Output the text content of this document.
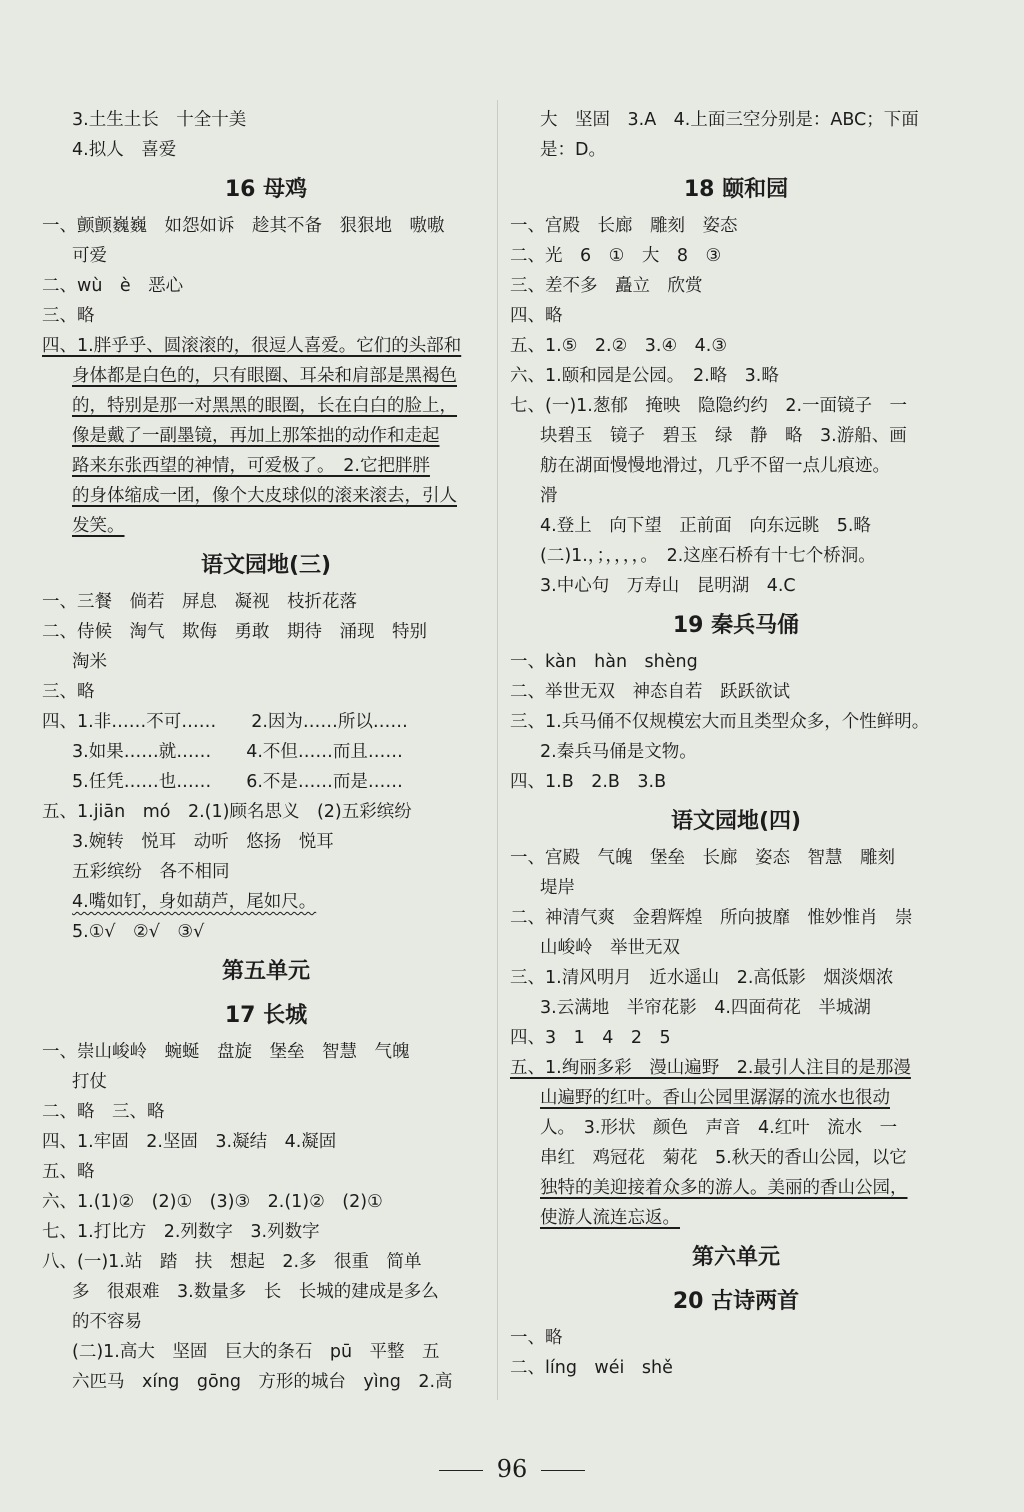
3.土生土长　十全十美
4.拟人　喜爱
16 母鸡
一、颤颤巍巍　如怨如诉　趁其不备　狠狠地　嗷嗷
可爱
二、wù　è　恶心
三、略
四、1.胖乎乎、圆滚滚的，很逗人喜爱。它们的头部和
身体都是白色的，只有眼圈、耳朵和肩部是黑褐色
的，特别是那一对黑黑的眼圈，长在白白的脸上，
像是戴了一副墨镜，再加上那笨拙的动作和走起
路来东张西望的神情，可爱极了。　2.它把胖胖
的身体缩成一团，像个大皮球似的滚来滚去，引人
发笑。
语文园地(三)
一、三餐　倘若　屏息　凝视　枝折花落
二、侍候　淘气　欺侮　勇敢　期待　涌现　特别
淘米
三、略
四、1.非……不可……　　2.因为……所以……
3.如果……就……　　4.不但……而且……
5.任凭……也……　　6.不是……而是……
五、1.jiān　mó　2.(1)顾名思义　(2)五彩缤纷
3.婉转　悦耳　动听　悠扬　悦耳
五彩缤纷　各不相同
4.嘴如钉，身如葫芦，尾如尺。
5.①√　②√　③√
第五单元
17 长城
一、崇山峻岭　蜿蜒　盘旋　堡垒　智慧　气魄
打仗
二、略　三、略
四、1.牢固　2.坚固　3.凝结　4.凝固
五、略
六、1.(1)②　(2)①　(3)③　2.(1)②　(2)①
七、1.打比方　2.列数字　3.列数字
八、(一)1.站　踏　扶　想起　2.多　很重　简单
多　很艰难　3.数量多　长　长城的建成是多么
的不容易
(二)1.高大　坚固　巨大的条石　pū　平整　五
六匹马　xíng　gōng　方形的城台　yìng　2.高
大　坚固　3.A　4.上面三空分别是：ABC；下面
是：D。
18 颐和园
一、宫殿　长廊　雕刻　姿态
二、光　6　①　大　8　③
三、差不多　矗立　欣赏
四、略
五、1.⑤　2.②　3.④　4.③
六、1.颐和园是公园。　2.略　3.略
七、(一)1.葱郁　掩映　隐隐约约　2.一面镜子　一
块碧玉　镜子　碧玉　绿　静　略　3.游船、画
舫在湖面慢慢地滑过，几乎不留一点儿痕迹。
滑
4.登上　向下望　正前面　向东远眺　5.略
(二)1.，；，，，，。　2.这座石桥有十七个桥洞。
3.中心句　万寿山　昆明湖　4.C
19 秦兵马俑
一、kàn　hàn　shèng
二、举世无双　神态自若　跃跃欲试
三、1.兵马俑不仅规模宏大而且类型众多，个性鲜明。
2.秦兵马俑是文物。
四、1.B　2.B　3.B
语文园地(四)
一、宫殿　气魄　堡垒　长廊　姿态　智慧　雕刻
堤岸
二、神清气爽　金碧辉煌　所向披靡　惟妙惟肖　崇
山峻岭　举世无双
三、1.清风明月　近水遥山　2.高低影　烟淡烟浓
3.云满地　半帘花影　4.四面荷花　半城湖
四、3　1　4　2　5
五、1.绚丽多彩　漫山遍野　2.最引人注目的是那漫
山遍野的红叶。香山公园里潺潺的流水也很动
人。　3.形状　颜色　声音　4.红叶　流水　一
串红　鸡冠花　菊花　5.秋天的香山公园，以它
独特的美迎接着众多的游人。美丽的香山公园，
使游人流连忘返。
第六单元
20 古诗两首
一、略
二、líng　wéi　shě
96
